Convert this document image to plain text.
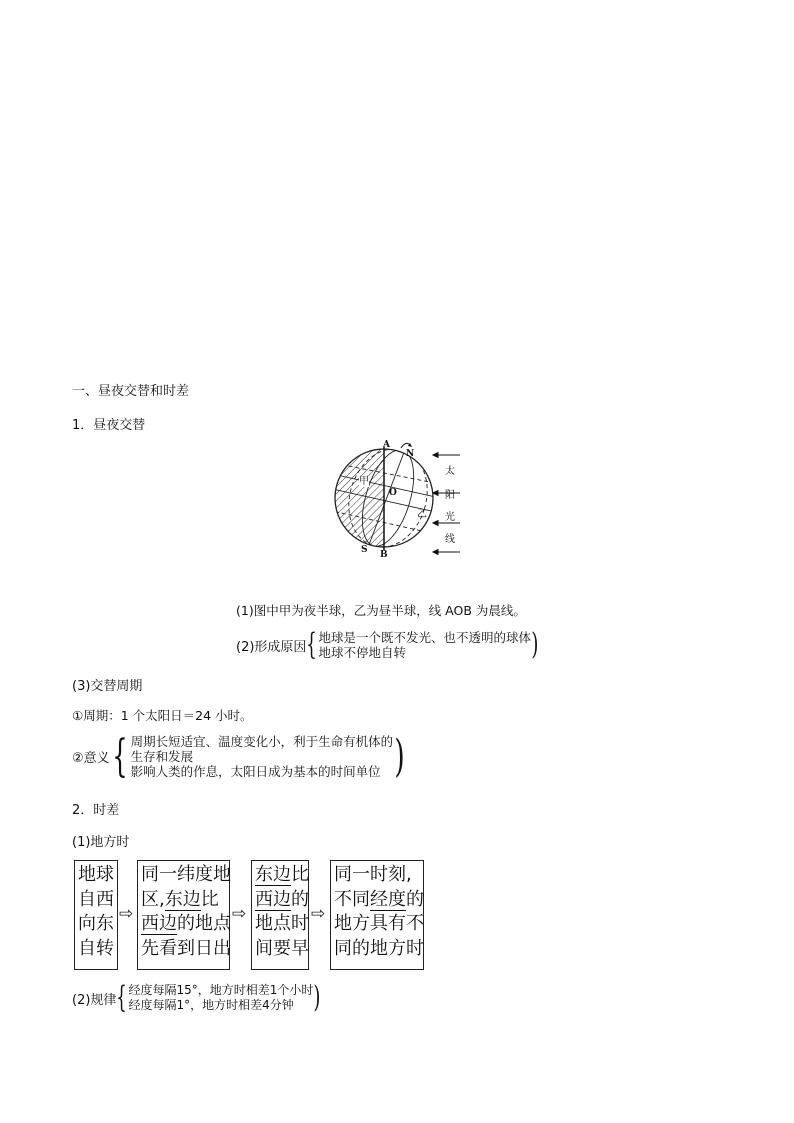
一、昼夜交替和时差
1．昼夜交替
A
N
S B
O
甲
乙
太
阳
光
线
(1)图中甲为夜半球，乙为昼半球，线 AOB 为晨线。
(2)形成原因 { 地球是一个既不发光、也不透明的球体
地球不停地自转	)
(3)交替周期
①周期：1 个太阳日＝24 小时。
②意义 { 周期长短适宜、温度变化小，利于生命有机体的
生存和发展
影响人类的作息，太阳日成为基本的时间单位 )
2．时差
(1)地方时
地球
自西
向东
自转
⇨
同一纬度地
区,东边比
西边的地点
先看到日出
⇨
东边比
西边的
地点时
间要早
⇨
同一时刻,
不同经度的
地方具有不
同的地方时
(2)规律 { 经度每隔15°，地方时相差1个小时
经度每隔1°，地方时相差4分钟 )
